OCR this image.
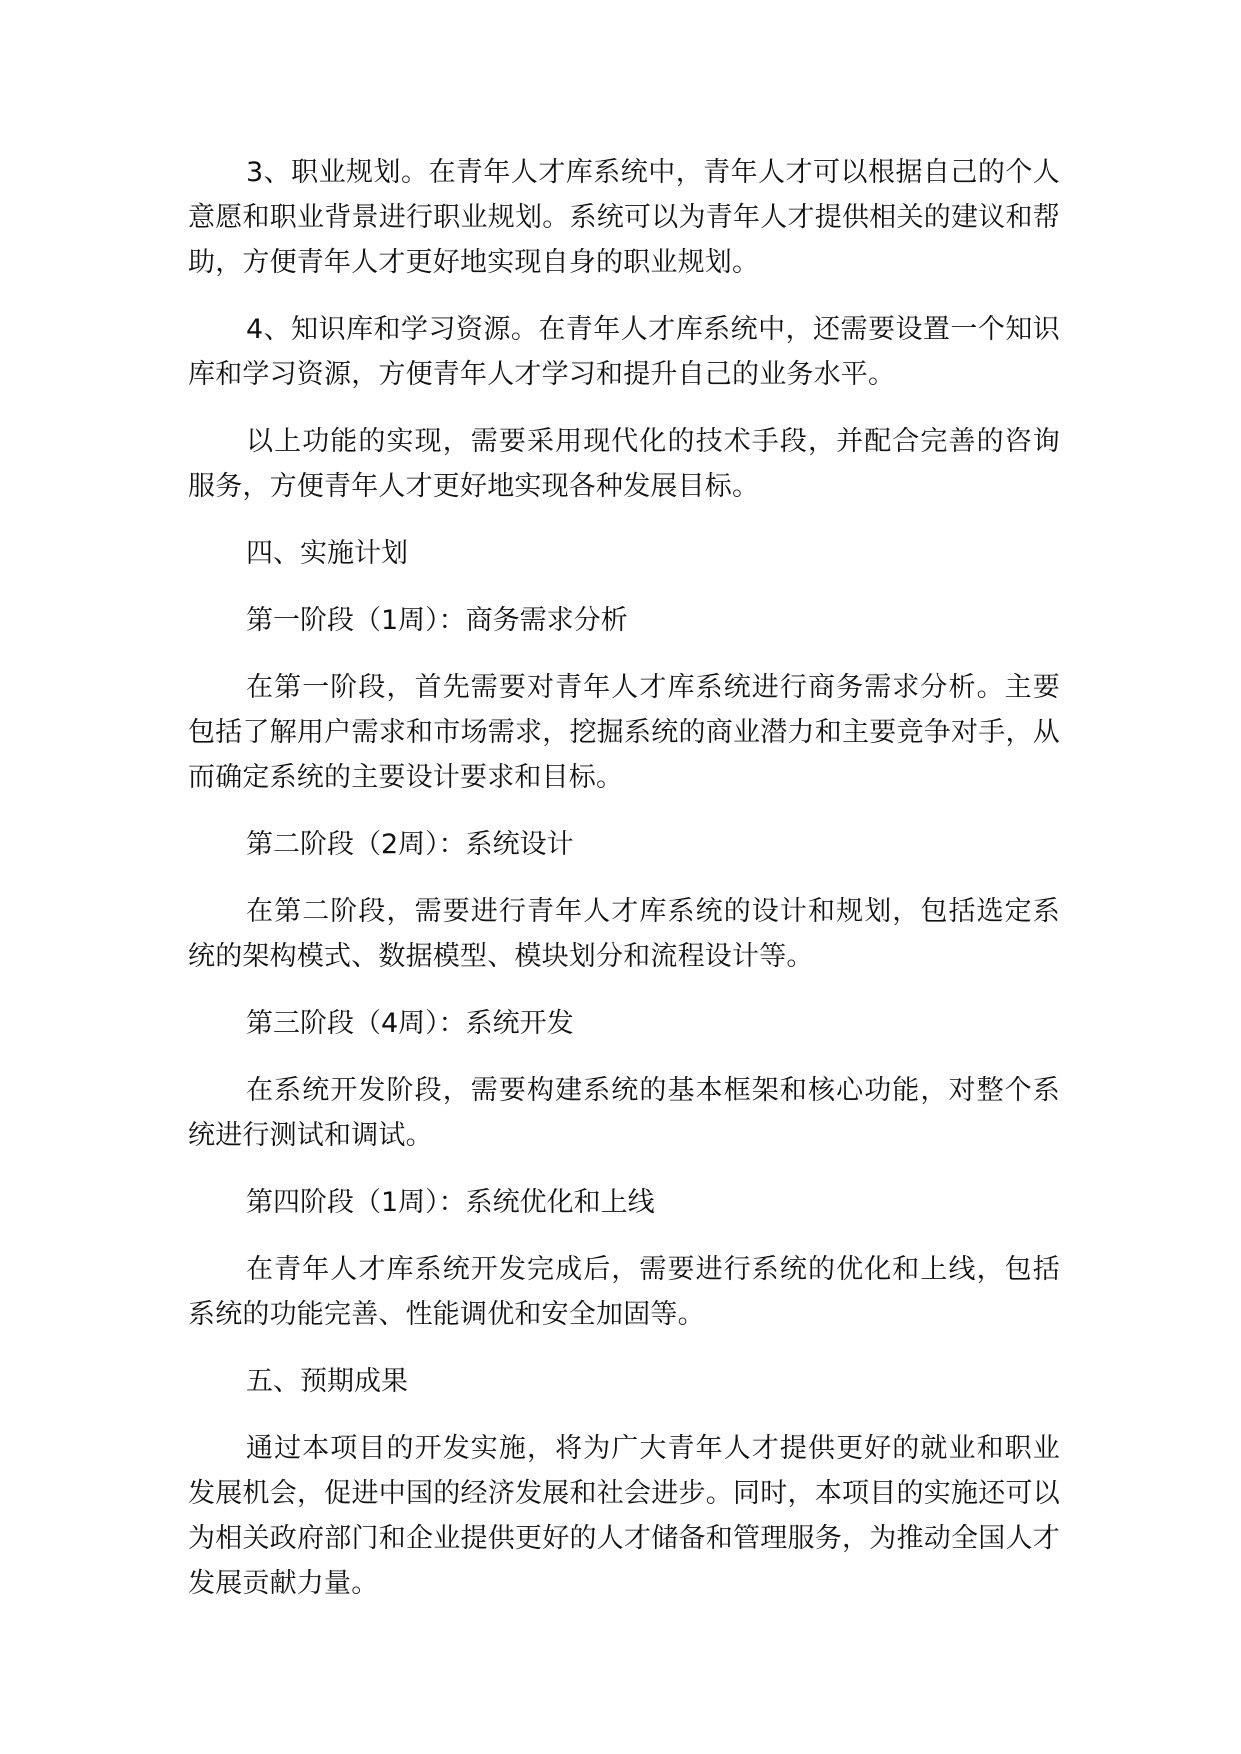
3、职业规划。在青年人才库系统中，青年人才可以根据自己的个人意愿和职业背景进行职业规划。系统可以为青年人才提供相关的建议和帮助，方便青年人才更好地实现自身的职业规划。

4、知识库和学习资源。在青年人才库系统中，还需要设置一个知识库和学习资源，方便青年人才学习和提升自己的业务水平。

以上功能的实现，需要采用现代化的技术手段，并配合完善的咨询服务，方便青年人才更好地实现各种发展目标。

四、实施计划

第一阶段（1周）：商务需求分析

在第一阶段，首先需要对青年人才库系统进行商务需求分析。主要包括了解用户需求和市场需求，挖掘系统的商业潜力和主要竞争对手，从而确定系统的主要设计要求和目标。

第二阶段（2周）：系统设计

在第二阶段，需要进行青年人才库系统的设计和规划，包括选定系统的架构模式、数据模型、模块划分和流程设计等。

第三阶段（4周）：系统开发

在系统开发阶段，需要构建系统的基本框架和核心功能，对整个系统进行测试和调试。

第四阶段（1周）：系统优化和上线

在青年人才库系统开发完成后，需要进行系统的优化和上线，包括系统的功能完善、性能调优和安全加固等。

五、预期成果

通过本项目的开发实施，将为广大青年人才提供更好的就业和职业发展机会，促进中国的经济发展和社会进步。同时，本项目的实施还可以为相关政府部门和企业提供更好的人才储备和管理服务，为推动全国人才发展贡献力量。
